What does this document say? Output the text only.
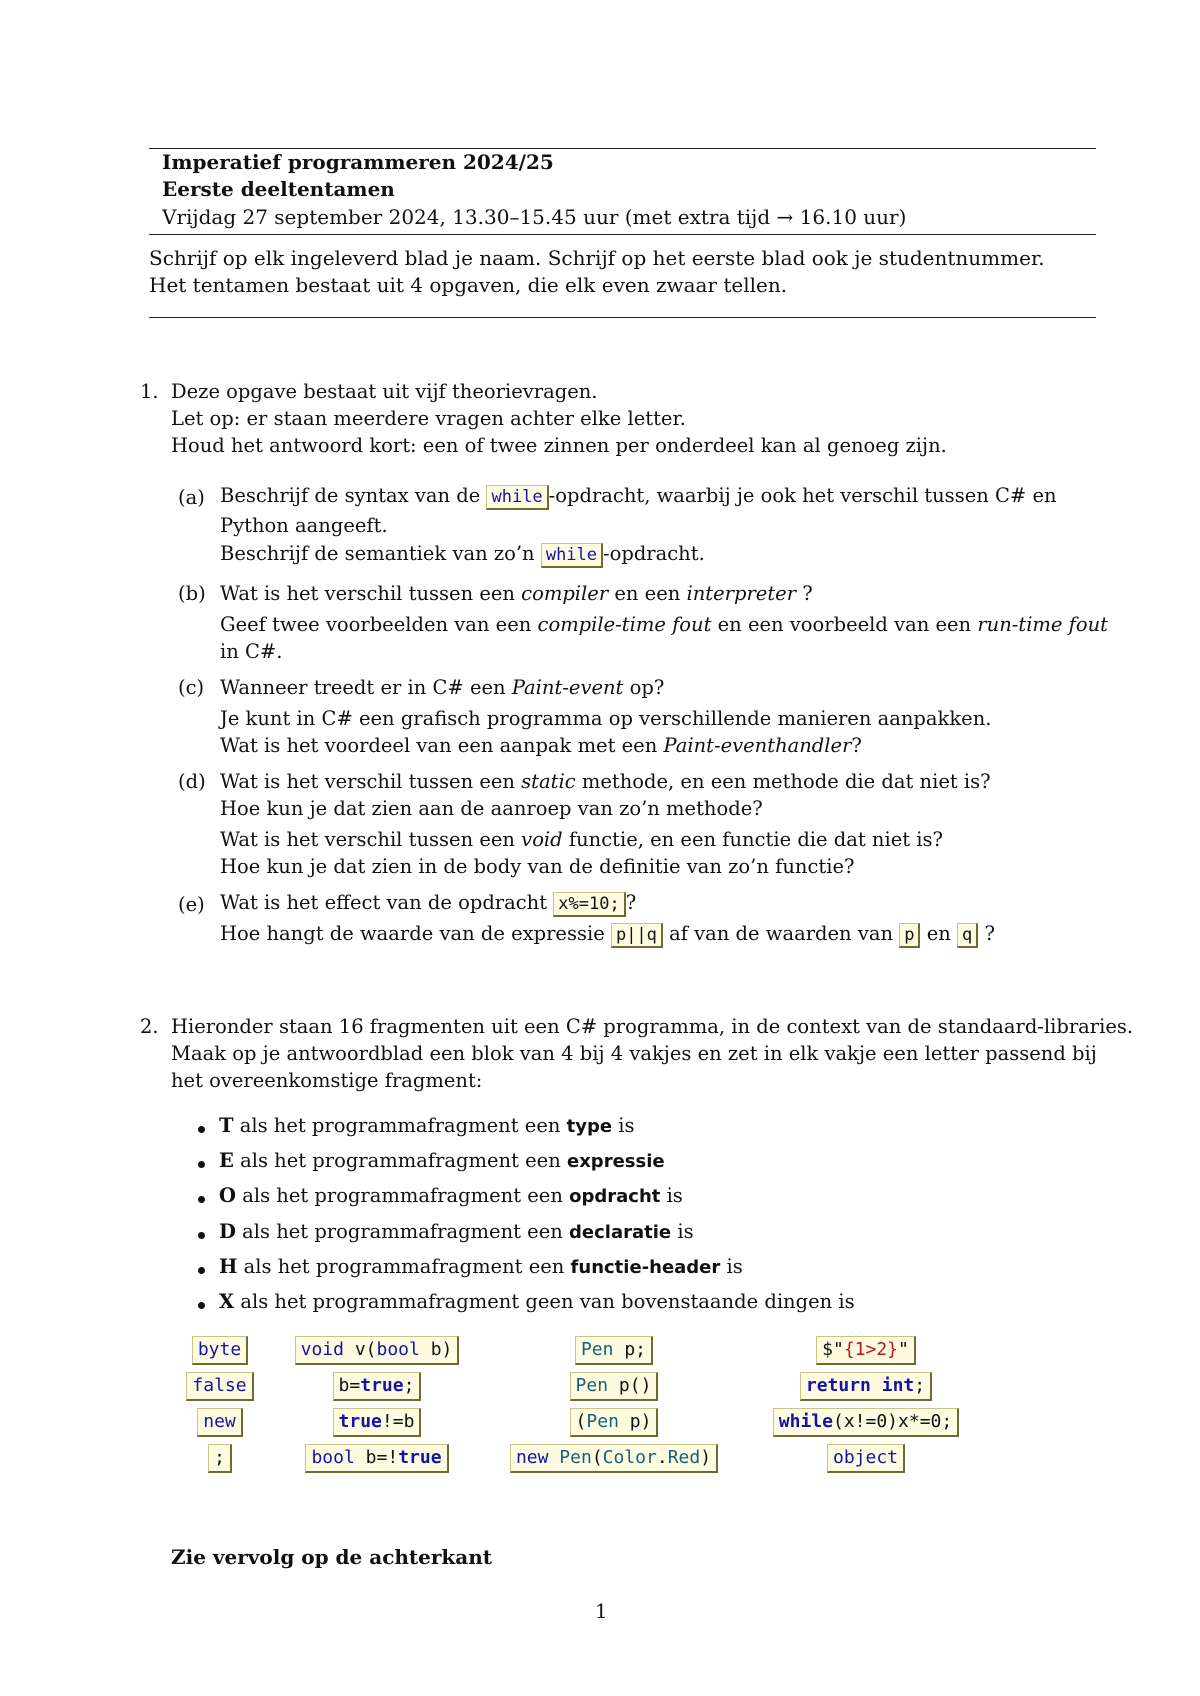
Imperatief programmeren 2024/25
Eerste deeltentamen
Vrijdag 27 september 2024, 13.30–15.45 uur (met extra tijd → 16.10 uur)
Schrijf op elk ingeleverd blad je naam. Schrijf op het eerste blad ook je studentnummer.
Het tentamen bestaat uit 4 opgaven, die elk even zwaar tellen.
1. Deze opgave bestaat uit vijf theorievragen.
Let op: er staan meerdere vragen achter elke letter.
Houd het antwoord kort: een of twee zinnen per onderdeel kan al genoeg zijn.
(a) Beschrijf de syntax van de while -opdracht, waarbij je ook het verschil tussen C# en
Python aangeeft.
Beschrijf de semantiek van zo’n while -opdracht.
(b) Wat is het verschil tussen een compiler en een interpreter ?
Geef twee voorbeelden van een compile-time fout en een voorbeeld van een run-time fout
in C#.
(c) Wanneer treedt er in C# een Paint-event op?
Je kunt in C# een grafisch programma op verschillende manieren aanpakken.
Wat is het voordeel van een aanpak met een Paint-eventhandler?
(d) Wat is het verschil tussen een static methode, en een methode die dat niet is?
Hoe kun je dat zien aan de aanroep van zo’n methode?
Wat is het verschil tussen een void functie, en een functie die dat niet is?
Hoe kun je dat zien in de body van de definitie van zo’n functie?
(e) Wat is het effect van de opdracht x%=10; ?
Hoe hangt de waarde van de expressie p||q af van de waarden van p en q ?
2. Hieronder staan 16 fragmenten uit een C# programma, in de context van de standaard-libraries.
Maak op je antwoordblad een blok van 4 bij 4 vakjes en zet in elk vakje een letter passend bij
het overeenkomstige fragment:
T als het programmafragment een type is
E als het programmafragment een expressie
O als het programmafragment een opdracht is
D als het programmafragment een declaratie is
H als het programmafragment een functie-header is
X als het programmafragment geen van bovenstaande dingen is
byte	void v(bool b)	Pen p;	$"{1>2}"
false	b=true;	Pen p()	return int;
new	true!=b	(Pen p)	while(x!=0)x*=0;
;	bool b=!true	new Pen(Color.Red)	object
Zie vervolg op de achterkant
1
